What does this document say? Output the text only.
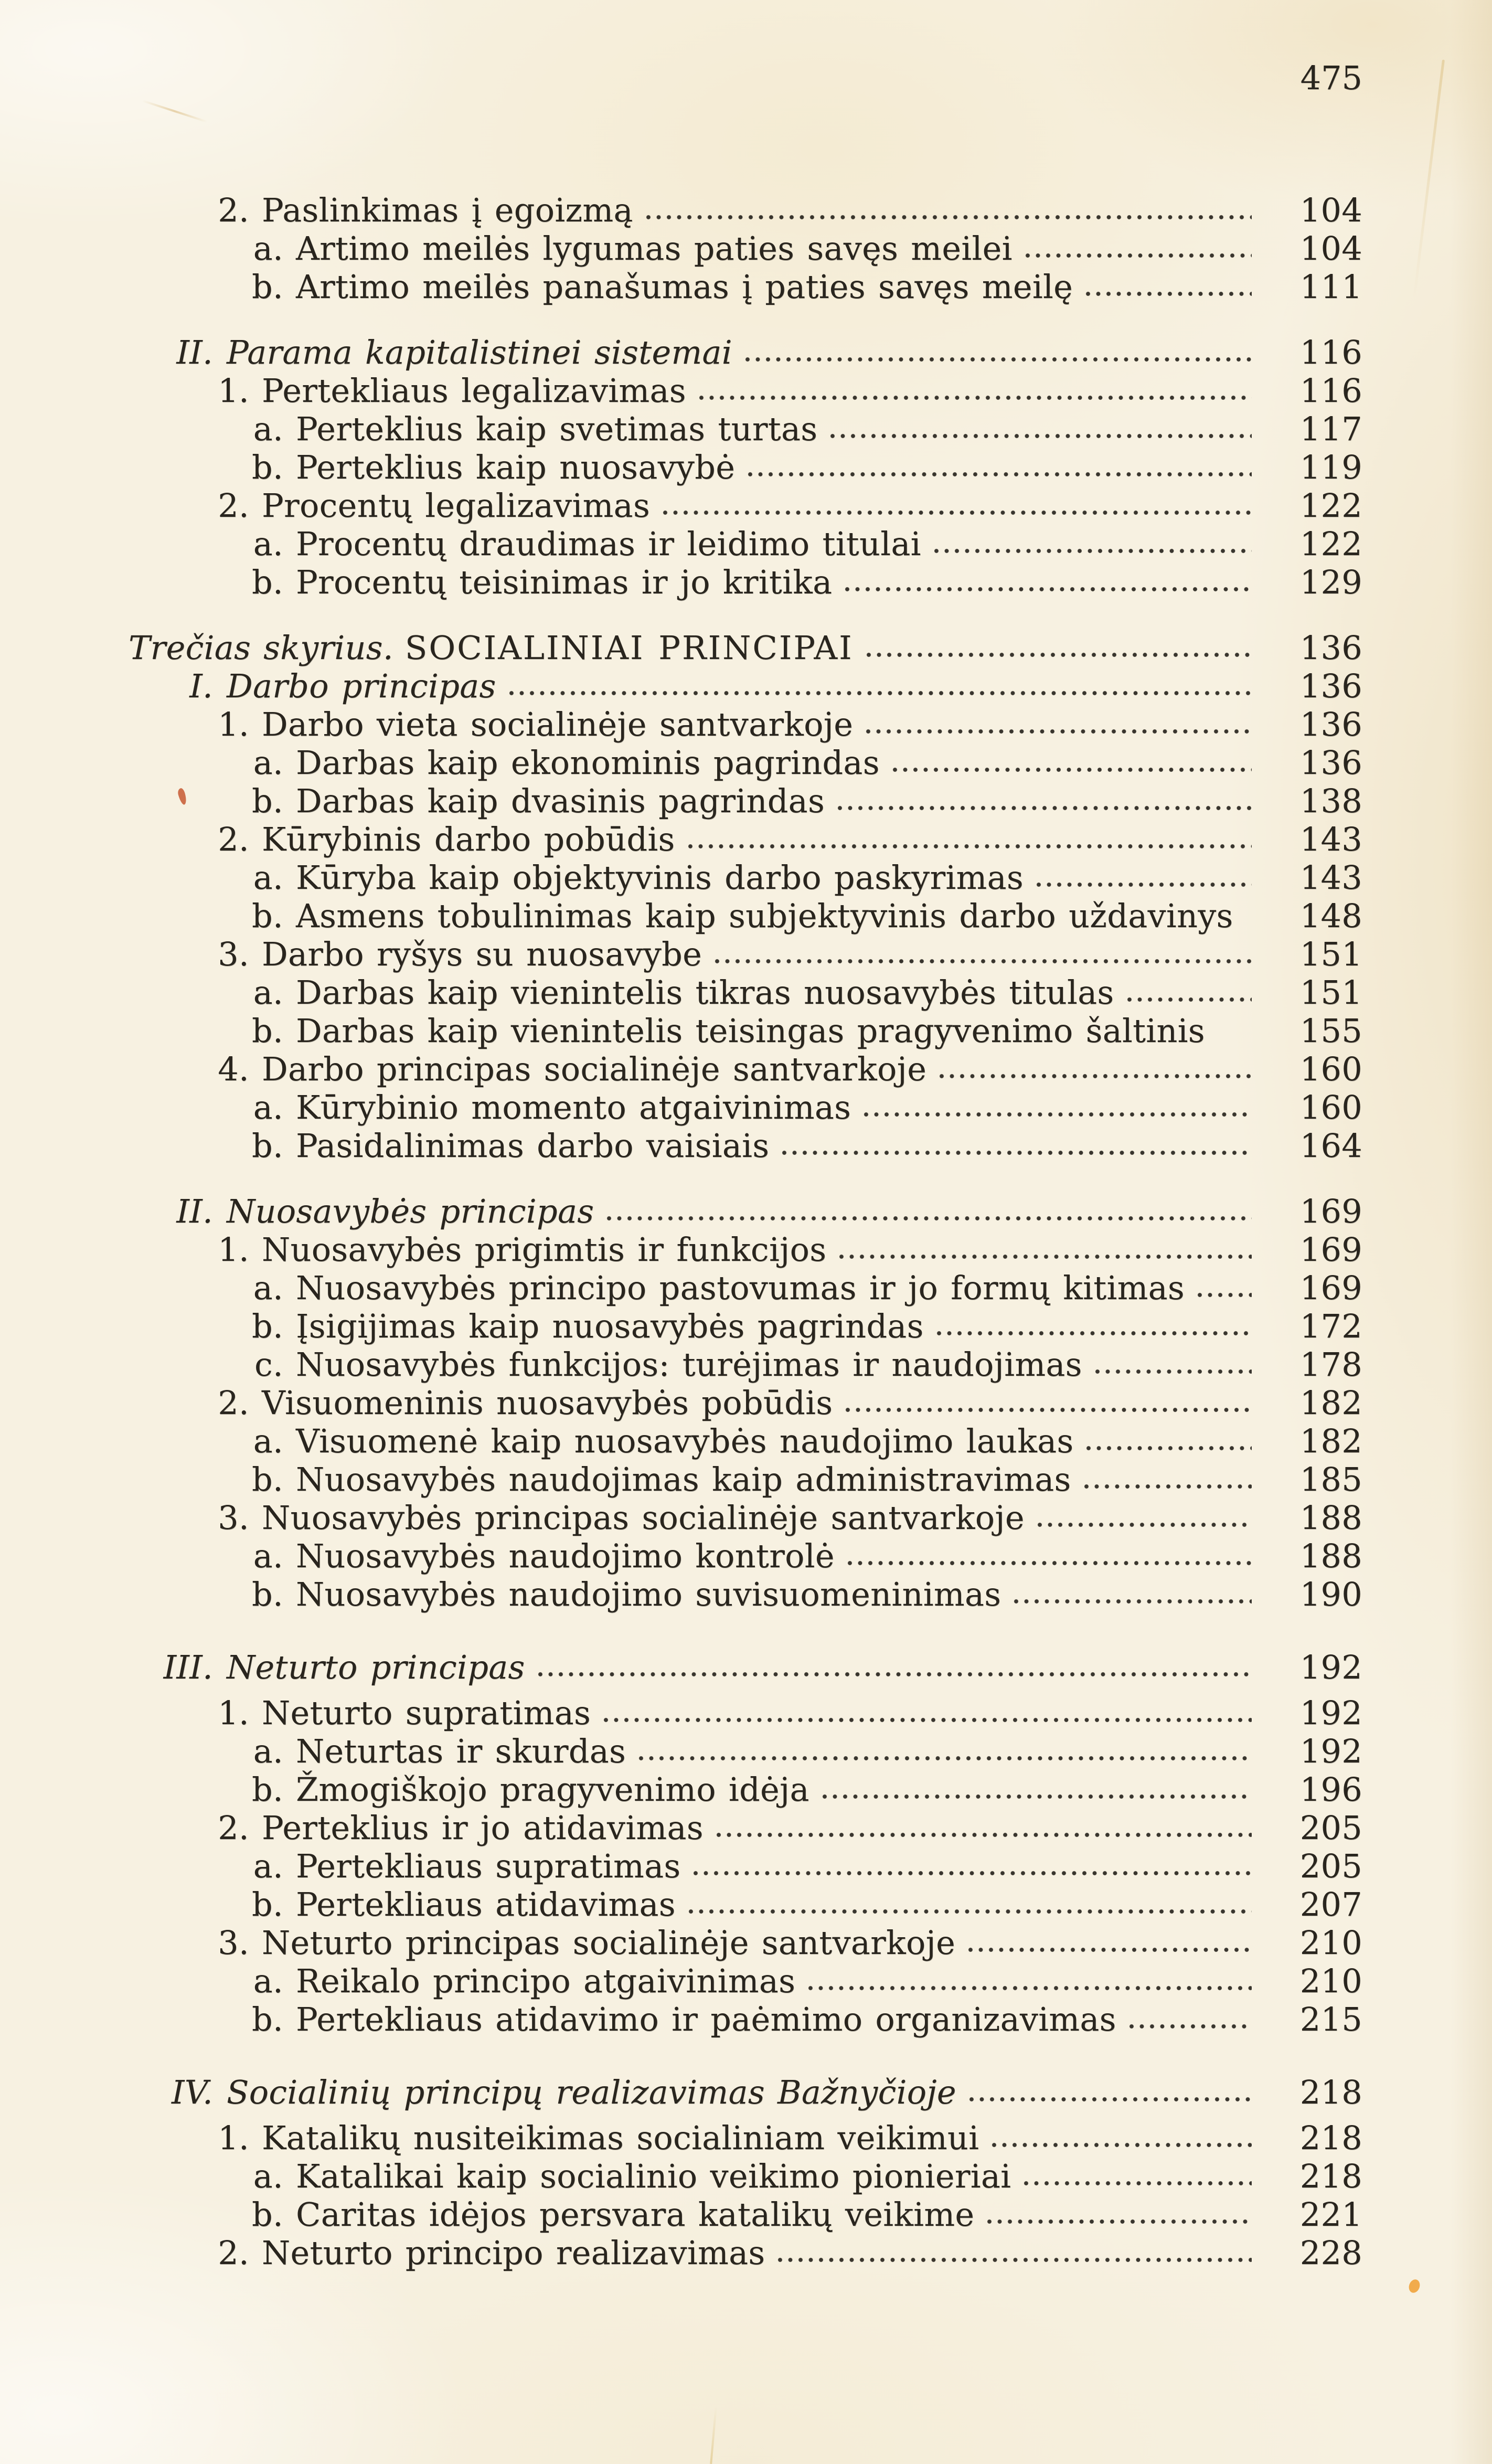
2. Paslinkimas į egoizmą	104
a. Artimo meilės lygumas paties savęs meilei	104
b. Artimo meilės panašumas į paties savęs meilę	111
II. Parama kapitalistinei sistemai	116
1. Pertekliaus legalizavimas	116
a. Perteklius kaip svetimas turtas	117
b. Perteklius kaip nuosavybė	119
2. Procentų legalizavimas	122
a. Procentų draudimas ir leidimo titulai	122
b. Procentų teisinimas ir jo kritika	129
Trečias skyrius. SOCIALINIAI PRINCIPAI	136
I. Darbo principas	136
1. Darbo vieta socialinėje santvarkoje	136
a. Darbas kaip ekonominis pagrindas	136
b. Darbas kaip dvasinis pagrindas	138
2. Kūrybinis darbo pobūdis	143
a. Kūryba kaip objektyvinis darbo paskyrimas	143
b. Asmens tobulinimas kaip subjektyvinis darbo uždavinys	148
3. Darbo ryšys su nuosavybe	151
a. Darbas kaip vienintelis tikras nuosavybės titulas	151
b. Darbas kaip vienintelis teisingas pragyvenimo šaltinis	155
4. Darbo principas socialinėje santvarkoje	160
a. Kūrybinio momento atgaivinimas	160
b. Pasidalinimas darbo vaisiais	164
II. Nuosavybės principas	169
1. Nuosavybės prigimtis ir funkcijos	169
a. Nuosavybės principo pastovumas ir jo formų kitimas	169
b. Įsigijimas kaip nuosavybės pagrindas	172
c. Nuosavybės funkcijos: turėjimas ir naudojimas	178
2. Visuomeninis nuosavybės pobūdis	182
a. Visuomenė kaip nuosavybės naudojimo laukas	182
b. Nuosavybės naudojimas kaip administravimas	185
3. Nuosavybės principas socialinėje santvarkoje	188
a. Nuosavybės naudojimo kontrolė	188
b. Nuosavybės naudojimo suvisuomeninimas	190
III. Neturto principas	192
1. Neturto supratimas	192
a. Neturtas ir skurdas	192
b. Žmogiškojo pragyvenimo idėja	196
2. Perteklius ir jo atidavimas	205
a. Pertekliaus supratimas	205
b. Pertekliaus atidavimas	207
3. Neturto principas socialinėje santvarkoje	210
a. Reikalo principo atgaivinimas	210
b. Pertekliaus atidavimo ir paėmimo organizavimas	215
IV. Socialinių principų realizavimas Bažnyčioje	218
1. Katalikų nusiteikimas socialiniam veikimui	218
a. Katalikai kaip socialinio veikimo pionieriai	218
b. Caritas idėjos persvara katalikų veikime	221
2. Neturto principo realizavimas	228
475
